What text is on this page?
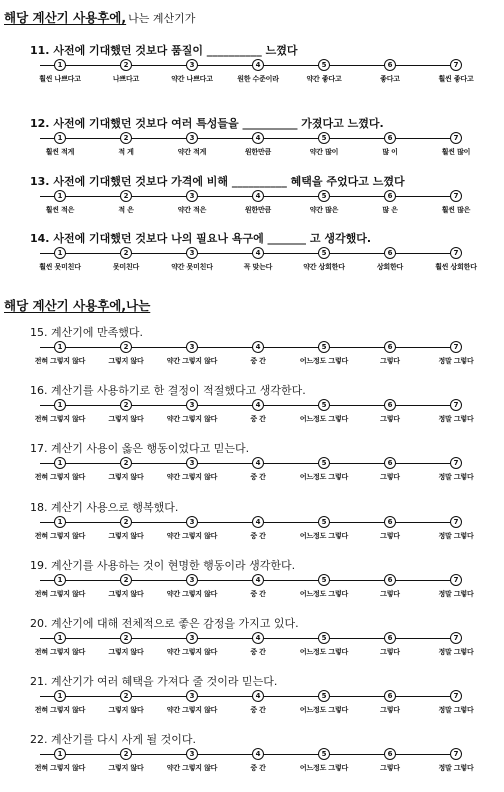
해당 계산기 사용후에, 나는 계산기가
해당 계산기 사용후에,나는
11. 사전에 기대했던 것보다 품질이 __________ 느꼈다
1
훨씬 나쁘다고
2
나쁘다고
3
약간 나쁘다고
4
원한 수준이라
5
약간 좋다고
6
좋다고
7
훨씬 좋다고
12. 사전에 기대했던 것보다 여러 특성들을 __________ 가졌다고 느꼈다.
1
훨씬 적게
2
적 게
3
약간 적게
4
원한만큼
5
약간 많이
6
많 이
7
훨씬 많이
13. 사전에 기대했던 것보다 가격에 비해 __________ 혜택을 주었다고 느꼈다
1
훨씬 적은
2
적 은
3
약간 적은
4
원한만큼
5
약간 많은
6
많 은
7
훨씬 많은
14. 사전에 기대했던 것보다 나의 필요나 욕구에 _______ 고 생각했다.
1
훨씬 못미친다
2
못미친다
3
약간 못미친다
4
꼭 맞는다
5
약간 상회한다
6
상회한다
7
훨씬 상회한다
15. 계산기에 만족했다.
1
전혀 그렇지 않다
2
그렇지 않다
3
약간 그렇지 않다
4
중 간
5
어느정도 그렇다
6
그렇다
7
정말 그렇다
16. 계산기를 사용하기로 한 결정이 적절했다고 생각한다.
1
전혀 그렇지 않다
2
그렇지 않다
3
약간 그렇지 않다
4
중 간
5
어느정도 그렇다
6
그렇다
7
정말 그렇다
17. 계산기 사용이 옳은 행동이었다고 믿는다.
1
전혀 그렇지 않다
2
그렇지 않다
3
약간 그렇지 않다
4
중 간
5
어느정도 그렇다
6
그렇다
7
정말 그렇다
18. 계산기 사용으로 행복했다.
1
전혀 그렇지 않다
2
그렇지 않다
3
약간 그렇지 않다
4
중 간
5
어느정도 그렇다
6
그렇다
7
정말 그렇다
19. 계산기를 사용하는 것이 현명한 행동이라 생각한다.
1
전혀 그렇지 않다
2
그렇지 않다
3
약간 그렇지 않다
4
중 간
5
어느정도 그렇다
6
그렇다
7
정말 그렇다
20. 계산기에 대해 전체적으로 좋은 감정을 가지고 있다.
1
전혀 그렇지 않다
2
그렇지 않다
3
약간 그렇지 않다
4
중 간
5
어느정도 그렇다
6
그렇다
7
정말 그렇다
21. 계산기가 여러 혜택을 가져다 줄 것이라 믿는다.
1
전혀 그렇지 않다
2
그렇지 않다
3
약간 그렇지 않다
4
중 간
5
어느정도 그렇다
6
그렇다
7
정말 그렇다
22. 계산기를 다시 사게 될 것이다.
1
전혀 그렇지 않다
2
그렇지 않다
3
약간 그렇지 않다
4
중 간
5
어느정도 그렇다
6
그렇다
7
정말 그렇다
